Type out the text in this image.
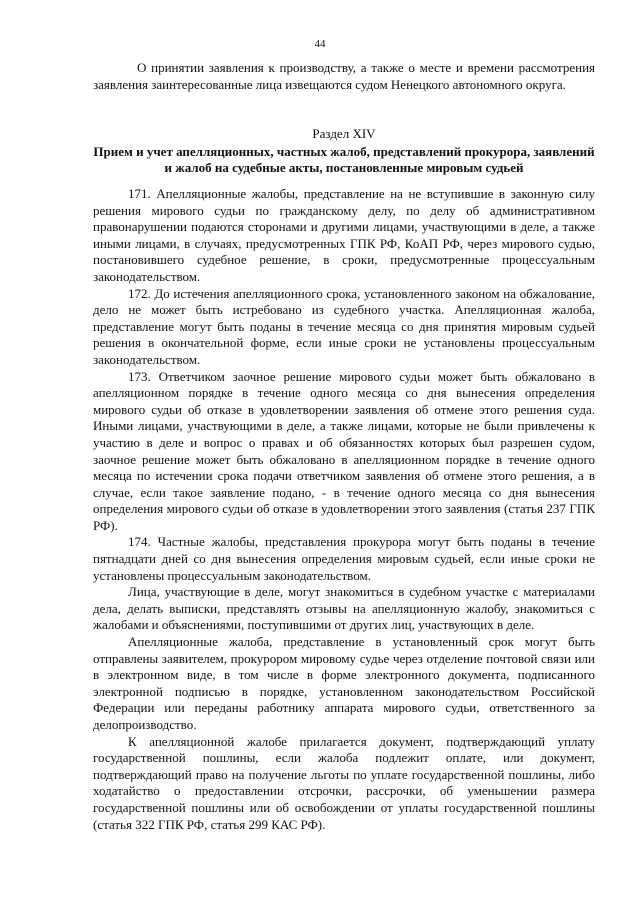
44

О принятии заявления к производству, а также о месте и времени рассмотрения заявления заинтересованные лица извещаются судом Ненецкого автономного округа.

Раздел XIV
Прием и учет апелляционных, частных жалоб, представлений прокурора, заявлений и жалоб на судебные акты, постановленные мировым судьей

171. Апелляционные жалобы, представление на не вступившие в законную силу решения мирового судьи по гражданскому делу, по делу об административном правонарушении подаются сторонами и другими лицами, участвующими в деле, а также иными лицами, в случаях, предусмотренных ГПК РФ, КоАП РФ, через мирового судью, постановившего судебное решение, в сроки, предусмотренные процессуальным законодательством.

172. До истечения апелляционного срока, установленного законом на обжалование, дело не может быть истребовано из судебного участка. Апелляционная жалоба, представление могут быть поданы в течение месяца со дня принятия мировым судьей решения в окончательной форме, если иные сроки не установлены процессуальным законодательством.

173. Ответчиком заочное решение мирового судьи может быть обжаловано в апелляционном порядке в течение одного месяца со дня вынесения определения мирового судьи об отказе в удовлетворении заявления об отмене этого решения суда. Иными лицами, участвующими в деле, а также лицами, которые не были привлечены к участию в деле и вопрос о правах и об обязанностях которых был разрешен судом, заочное решение может быть обжаловано в апелляционном порядке в течение одного месяца по истечении срока подачи ответчиком заявления об отмене этого решения, а в случае, если такое заявление подано, - в течение одного месяца со дня вынесения определения мирового судьи об отказе в удовлетворении этого заявления (статья 237 ГПК РФ).

174. Частные жалобы, представления прокурора могут быть поданы в течение пятнадцати дней со дня вынесения определения мировым судьей, если иные сроки не установлены процессуальным законодательством.

Лица, участвующие в деле, могут знакомиться в судебном участке с материалами дела, делать выписки, представлять отзывы на апелляционную жалобу, знакомиться с жалобами и объяснениями, поступившими от других лиц, участвующих в деле.

Апелляционные жалоба, представление в установленный срок могут быть отправлены заявителем, прокурором мировому судье через отделение почтовой связи или в электронном виде, в том числе в форме электронного документа, подписанного электронной подписью в порядке, установленном законодательством Российской Федерации или переданы работнику аппарата мирового судьи, ответственного за делопроизводство.

К апелляционной жалобе прилагается документ, подтверждающий уплату государственной пошлины, если жалоба подлежит оплате, или документ, подтверждающий право на получение льготы по уплате государственной пошлины, либо ходатайство о предоставлении отсрочки, рассрочки, об уменьшении размера государственной пошлины или об освобождении от уплаты государственной пошлины (статья 322 ГПК РФ, статья 299 КАС РФ).
